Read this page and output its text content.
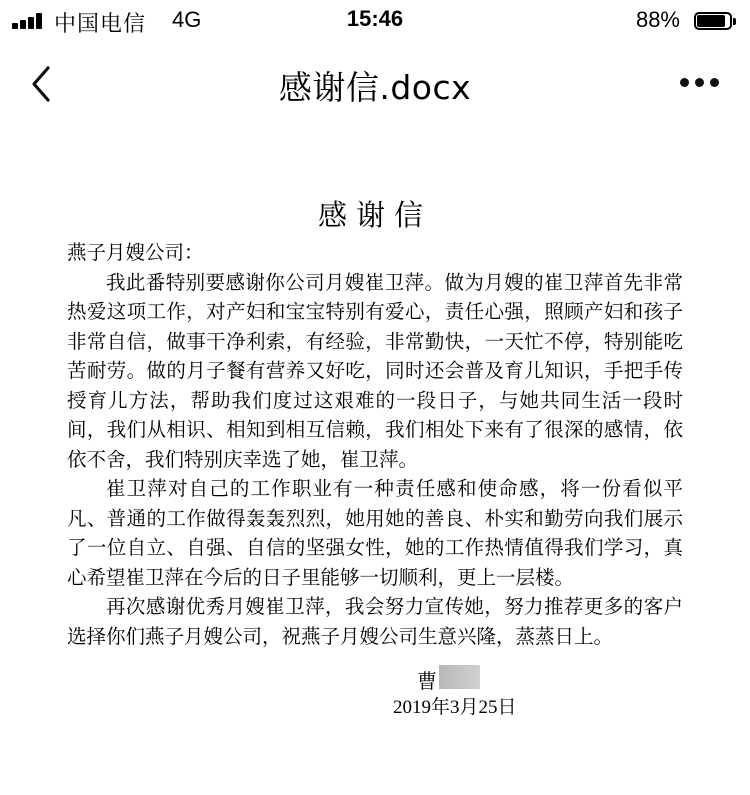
中国电信 4G	15:46	88%
感谢信.docx
感谢信

燕子月嫂公司：

我此番特别要感谢你公司月嫂崔卫萍。做为月嫂的崔卫萍首先非常热爱这项工作，对产妇和宝宝特别有爱心，责任心强，照顾产妇和孩子非常自信，做事干净利索，有经验，非常勤快，一天忙不停，特别能吃苦耐劳。做的月子餐有营养又好吃，同时还会普及育儿知识，手把手传授育儿方法，帮助我们度过这艰难的一段日子，与她共同生活一段时间，我们从相识、相知到相互信赖，我们相处下来有了很深的感情，依依不舍，我们特别庆幸选了她，崔卫萍。

崔卫萍对自己的工作职业有一种责任感和使命感，将一份看似平凡、普通的工作做得轰轰烈烈，她用她的善良、朴实和勤劳向我们展示了一位自立、自强、自信的坚强女性，她的工作热情值得我们学习，真心希望崔卫萍在今后的日子里能够一切顺利，更上一层楼。

再次感谢优秀月嫂崔卫萍，我会努力宣传她，努力推荐更多的客户选择你们燕子月嫂公司，祝燕子月嫂公司生意兴隆，蒸蒸日上。

曹
2019年3月25日
